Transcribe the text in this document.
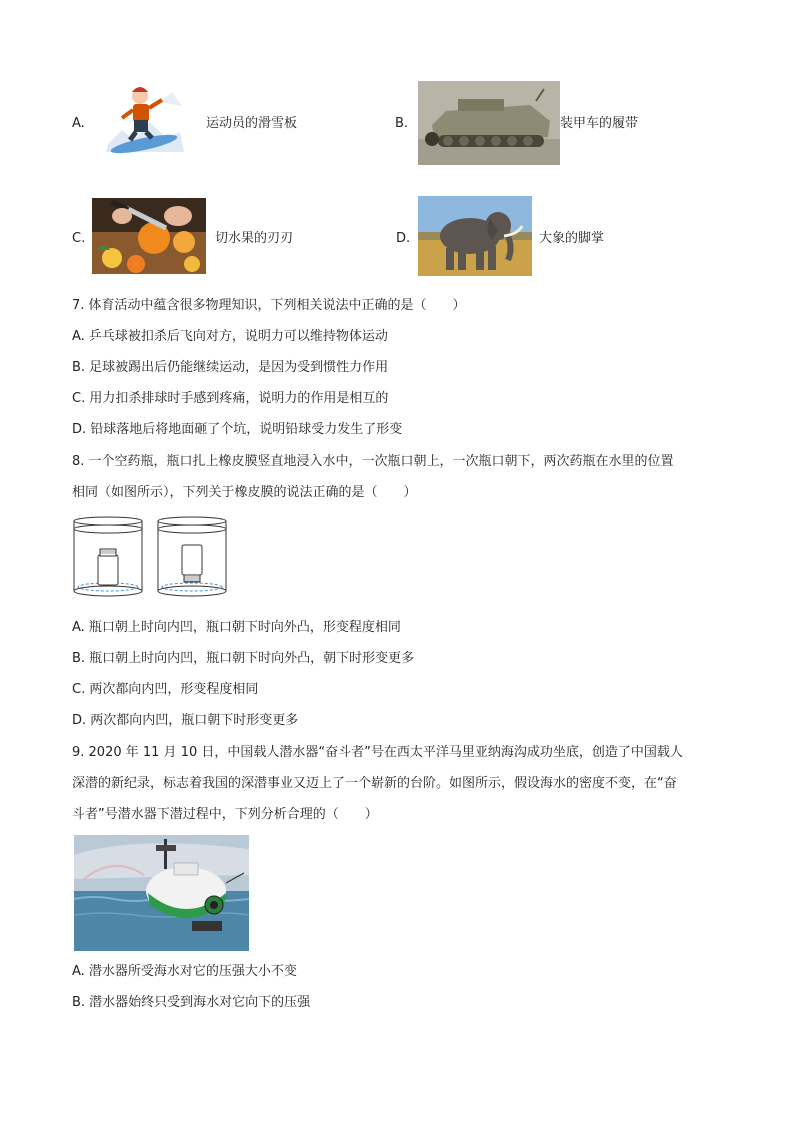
A.	运动员的滑雪板	B.	装甲车的履带
C.	切水果的刃刃	D.	大象的脚掌
7. 体育活动中蕴含很多物理知识，下列相关说法中正确的是（　　）
A. 乒乓球被扣杀后飞向对方，说明力可以维持物体运动
B. 足球被踢出后仍能继续运动，是因为受到惯性力作用
C. 用力扣杀排球时手感到疼痛，说明力的作用是相互的
D. 铅球落地后将地面砸了个坑，说明铅球受力发生了形变
8. 一个空药瓶，瓶口扎上橡皮膜竖直地浸入水中，一次瓶口朝上，一次瓶口朝下，两次药瓶在水里的位置
相同（如图所示），下列关于橡皮膜的说法正确的是（　　）
A. 瓶口朝上时向内凹，瓶口朝下时向外凸，形变程度相同
B. 瓶口朝上时向内凹，瓶口朝下时向外凸，朝下时形变更多
C. 两次都向内凹，形变程度相同
D. 两次都向内凹，瓶口朝下时形变更多
9. 2020 年 11 月 10 日，中国载人潜水器“奋斗者”号在西太平洋马里亚纳海沟成功坐底，创造了中国载人
深潜的新纪录，标志着我国的深潜事业又迈上了一个崭新的台阶。如图所示，假设海水的密度不变，在“奋
斗者”号潜水器下潜过程中，下列分析合理的（　　）
A. 潜水器所受海水对它的压强大小不变
B. 潜水器始终只受到海水对它向下的压强
